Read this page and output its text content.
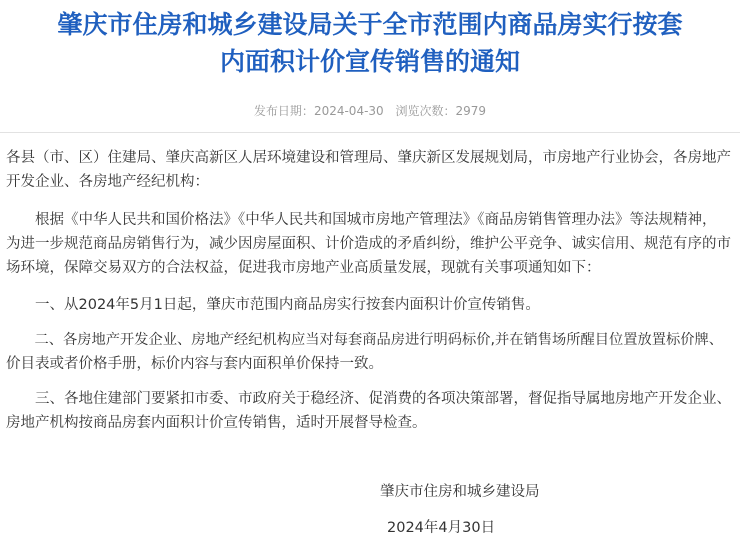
肇庆市住房和城乡建设局关于全市范围内商品房实行按套
内面积计价宣传销售的通知
发布日期：2024-04-30 浏览次数：2979
各县（市、区）住建局、肇庆高新区人居环境建设和管理局、肇庆新区发展规划局，市房地产行业协会，各房地产
开发企业、各房地产经纪机构：
　　根据《中华人民共和国价格法》《中华人民共和国城市房地产管理法》《商品房销售管理办法》等法规精神，
为进一步规范商品房销售行为，减少因房屋面积、计价造成的矛盾纠纷，维护公平竞争、诚实信用、规范有序的市
场环境，保障交易双方的合法权益，促进我市房地产业高质量发展，现就有关事项通知如下：
　　一、从2024年5月1日起，肇庆市范围内商品房实行按套内面积计价宣传销售。
　　二、各房地产开发企业、房地产经纪机构应当对每套商品房进行明码标价,并在销售场所醒目位置放置标价牌、
价目表或者价格手册，标价内容与套内面积单价保持一致。
　　三、各地住建部门要紧扣市委、市政府关于稳经济、促消费的各项决策部署，督促指导属地房地产开发企业、
房地产机构按商品房套内面积计价宣传销售，适时开展督导检查。
肇庆市住房和城乡建设局
2024年4月30日
